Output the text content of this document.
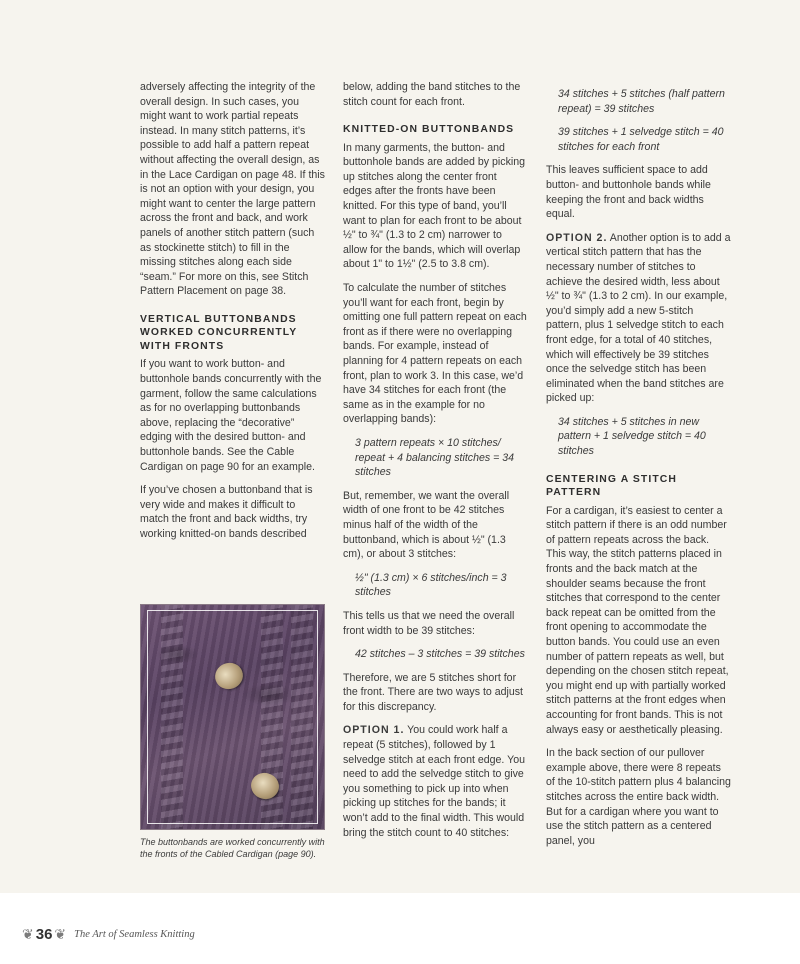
adversely affecting the integrity of the overall design. In such cases, you might want to work partial repeats instead. In many stitch patterns, it’s possible to add half a pattern repeat without affecting the overall design, as in the Lace Cardigan on page 48. If this is not an option with your design, you might want to center the large pattern across the front and back, and work panels of another stitch pattern (such as stockinette stitch) to fill in the missing stitches along each side “seam.” For more on this, see Stitch Pattern Placement on page 38.

VERTICAL BUTTONBANDS WORKED CONCURRENTLY WITH FRONTS

If you want to work button- and buttonhole bands concurrently with the garment, follow the same calculations as for no overlapping buttonbands above, replacing the “decorative” edging with the desired button- and buttonhole bands. See the Cable Cardigan on page 90 for an example.

If you’ve chosen a buttonband that is very wide and makes it difficult to match the front and back widths, try working knitted-on bands described

The buttonbands are worked concurrently with the fronts of the Cabled Cardigan (page 90).

below, adding the band stitches to the stitch count for each front.

KNITTED-ON BUTTONBANDS

In many garments, the button- and buttonhole bands are added by picking up stitches along the center front edges after the fronts have been knitted. For this type of band, you’ll want to plan for each front to be about ½" to ¾" (1.3 to 2 cm) narrower to allow for the bands, which will overlap about 1" to 1½" (2.5 to 3.8 cm).

To calculate the number of stitches you’ll want for each front, begin by omitting one full pattern repeat on each front as if there were no overlapping bands. For example, instead of planning for 4 pattern repeats on each front, plan to work 3. In this case, we’d have 34 stitches for each front (the same as in the example for no overlapping bands):

3 pattern repeats × 10 stitches/ repeat + 4 balancing stitches = 34 stitches

But, remember, we want the overall width of one front to be 42 stitches minus half of the width of the buttonband, which is about ½" (1.3 cm), or about 3 stitches:

½" (1.3 cm) × 6 stitches/inch = 3 stitches

This tells us that we need the overall front width to be 39 stitches:

42 stitches – 3 stitches = 39 stitches

Therefore, we are 5 stitches short for the front. There are two ways to adjust for this discrepancy.

OPTION 1. You could work half a repeat (5 stitches), followed by 1 selvedge stitch at each front edge. You need to add the selvedge stitch to give you something to pick up into when picking up stitches for the bands; it won’t add to the final width. This would bring the stitch count to 40 stitches:

34 stitches + 5 stitches (half pattern repeat) = 39 stitches

39 stitches + 1 selvedge stitch = 40 stitches for each front

This leaves sufficient space to add button- and buttonhole bands while keeping the front and back widths equal.

OPTION 2. Another option is to add a vertical stitch pattern that has the necessary number of stitches to achieve the desired width, less about ½" to ¾" (1.3 to 2 cm). In our example, you’d simply add a new 5-stitch pattern, plus 1 selvedge stitch to each front edge, for a total of 40 stitches, which will effectively be 39 stitches once the selvedge stitch has been eliminated when the band stitches are picked up:

34 stitches + 5 stitches in new pattern + 1 selvedge stitch = 40 stitches

CENTERING A STITCH PATTERN

For a cardigan, it’s easiest to center a stitch pattern if there is an odd number of pattern repeats across the back. This way, the stitch patterns placed in fronts and the back match at the shoulder seams because the front stitches that correspond to the center back repeat can be omitted from the front opening to accommodate the button bands. You could use an even number of pattern repeats as well, but depending on the chosen stitch repeat, you might end up with partially worked stitch patterns at the front edges when accounting for front bands. This is not always easy or aesthetically pleasing.

In the back section of our pullover example above, there were 8 repeats of the 10-stitch pattern plus 4 balancing stitches across the entire back width. But for a cardigan where you want to use the stitch pattern as a centered panel, you

❦ 36 ❦ The Art of Seamless Knitting
